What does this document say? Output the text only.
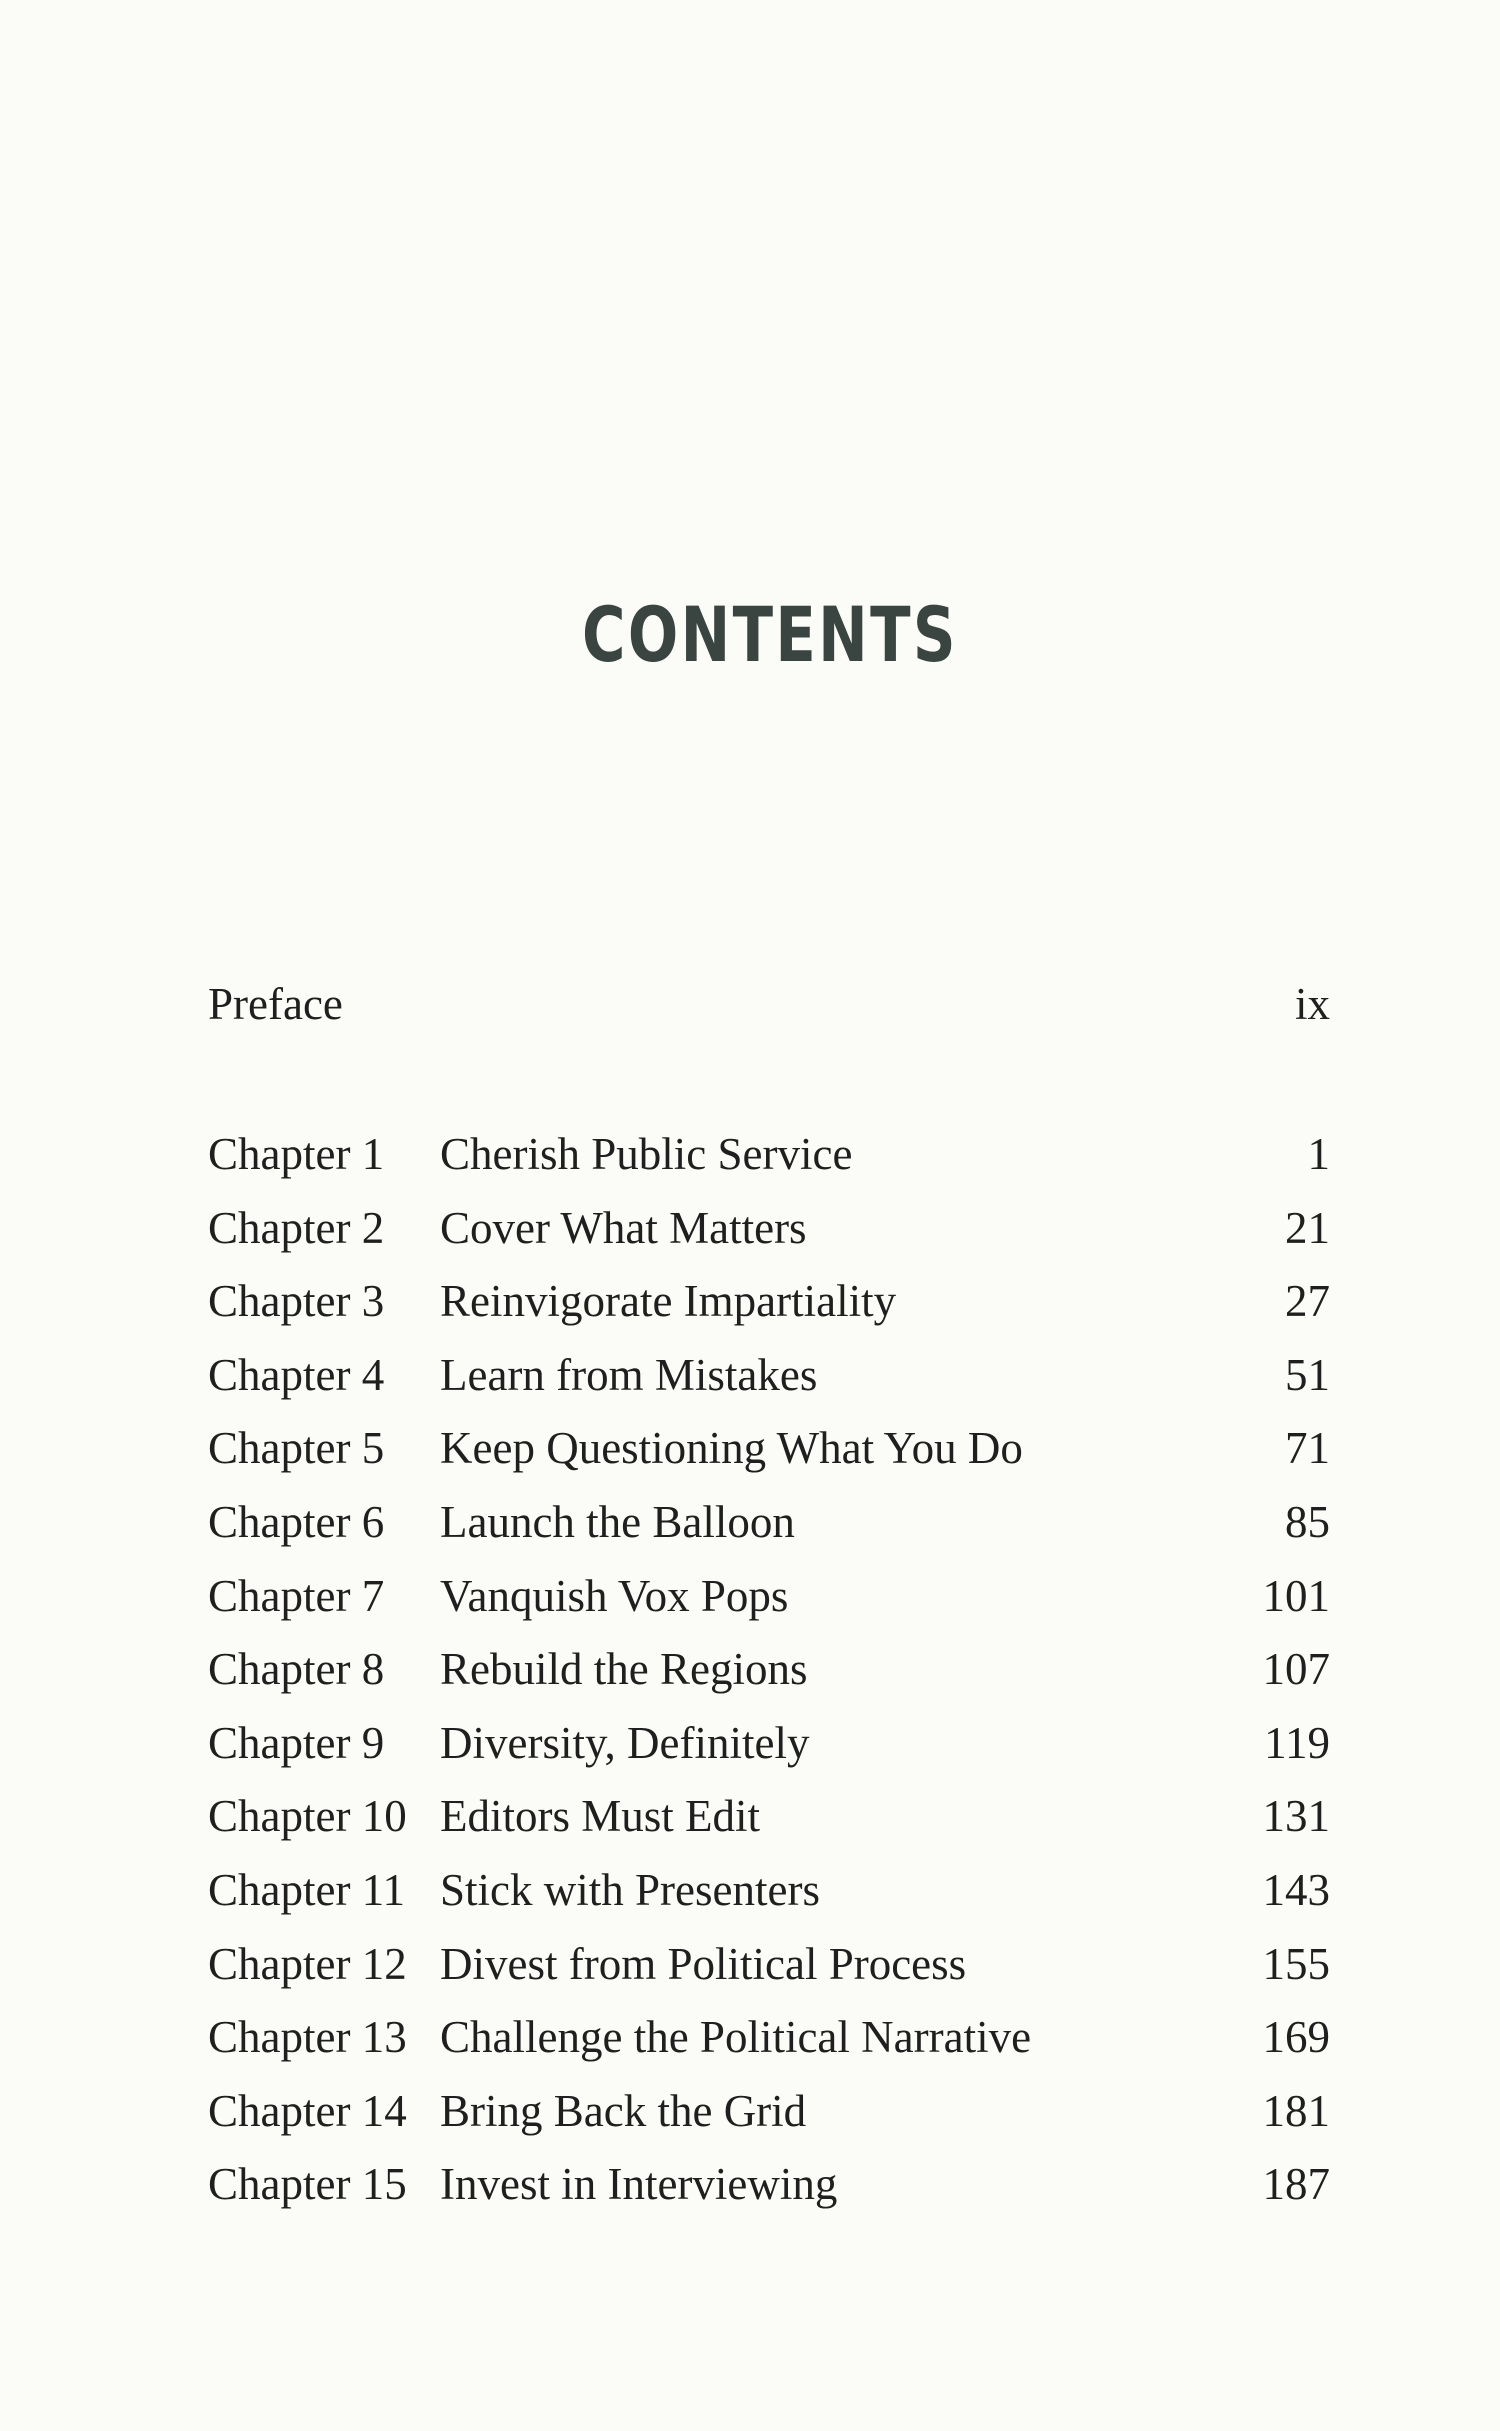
CONTENTS
Preface	ix
Chapter 1 Cherish Public Service	1
Chapter 2 Cover What Matters	21
Chapter 3 Reinvigorate Impartiality	27
Chapter 4 Learn from Mistakes	51
Chapter 5 Keep Questioning What You Do	71
Chapter 6 Launch the Balloon	85
Chapter 7 Vanquish Vox Pops	101
Chapter 8 Rebuild the Regions	107
Chapter 9 Diversity, Definitely	119
Chapter 10 Editors Must Edit	131
Chapter 11 Stick with Presenters	143
Chapter 12 Divest from Political Process	155
Chapter 13 Challenge the Political Narrative	169
Chapter 14 Bring Back the Grid	181
Chapter 15 Invest in Interviewing	187
